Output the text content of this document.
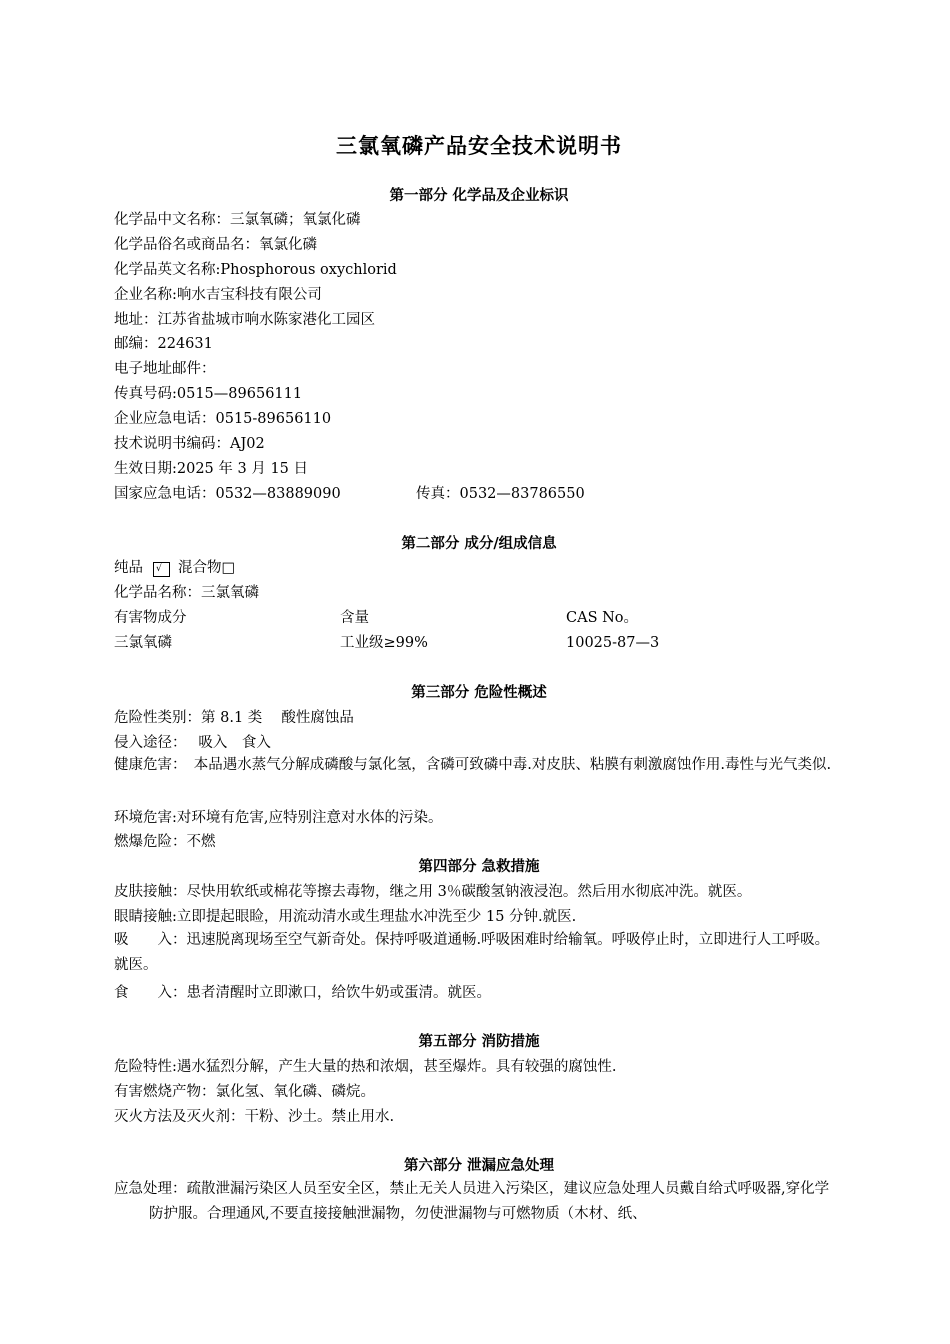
三氯氧磷产品安全技术说明书
第一部分 化学品及企业标识
化学品中文名称：三氯氧磷；氧氯化磷
化学品俗名或商品名：氧氯化磷
化学品英文名称:Phosphorous oxychlorid
企业名称:响水吉宝科技有限公司
地址：江苏省盐城市响水陈家港化工园区
邮编：224631
电子地址邮件：
传真号码:0515—89656111
企业应急电话：0515-89656110
技术说明书编码：AJ02
生效日期:2025 年 3 月 15 日
国家应急电话：0532—83889090	传真：0532—83786550
第二部分 成分/组成信息
纯品 √ 混合物□
化学品名称：三氯氧磷
有害物成分	含量	CAS No。
三氯氧磷	工业级≥99%	10025-87—3
第三部分 危险性概述
危险性类别：第 8.1 类　 酸性腐蚀品
侵入途径：　 吸入　食入
健康危害：　本品遇水蒸气分解成磷酸与氯化氢，含磷可致磷中毒.对皮肤、粘膜有刺激腐蚀作用.毒性与光气类似.
环境危害:对环境有危害,应特别注意对水体的污染。
燃爆危险：不燃
第四部分 急救措施
皮肤接触：尽快用软纸或棉花等擦去毒物，继之用 3％碳酸氢钠液浸泡。然后用水彻底冲洗。就医。
眼睛接触:立即提起眼睑，用流动清水或生理盐水冲洗至少 15 分钟.就医.
吸　　入：迅速脱离现场至空气新奇处。保持呼吸道通畅.呼吸困难时给输氧。呼吸停止时，立即进行人工呼吸。就医。
食　　入：患者清醒时立即漱口，给饮牛奶或蛋清。就医。
第五部分 消防措施
危险特性:遇水猛烈分解，产生大量的热和浓烟，甚至爆炸。具有较强的腐蚀性.
有害燃烧产物：氯化氢、氧化磷、磷烷。
灭火方法及灭火剂：干粉、沙土。禁止用水.
第六部分 泄漏应急处理
应急处理：疏散泄漏污染区人员至安全区，禁止无关人员进入污染区，建议应急处理人员戴自给式呼吸器,穿化学防护服。合理通风,不要直接接触泄漏物，勿使泄漏物与可燃物质（木材、纸、
